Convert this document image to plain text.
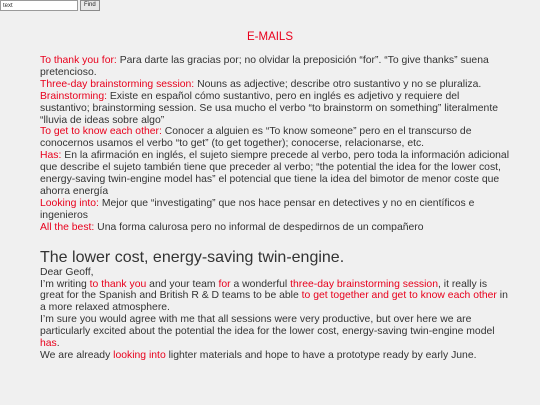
text
Find
E-MAILS

To thank you for: Para darte las gracias por; no olvidar la preposición “for”. “To give thanks” suena pretencioso.

Three-day brainstorming session: Nouns as adjective; describe otro sustantivo y no se pluraliza.

Brainstorming: Existe en español cómo sustantivo, pero en inglés es adjetivo y requiere del sustantivo; brainstorming session. Se usa mucho el verbo “to brainstorm on something” literalmente “lluvia de ideas sobre algo”

To get to know each other: Conocer a alguien es “To know someone” pero en el transcurso de conocernos usamos el verbo “to get” (to get together); conocerse, relacionarse, etc.

Has: En la afirmación en inglés, el sujeto siempre precede al verbo, pero toda la información adicional que describe el sujeto también tiene que preceder al verbo; “the potential the idea for the lower cost, energy-saving twin-engine model has” el potencial que tiene la idea del bimotor de menor coste que ahorra energía

Looking into: Mejor que “investigating” que nos hace pensar en detectives y no en científicos e ingenieros

All the best: Una forma calurosa pero no informal de despedirnos de un compañero

The lower cost, energy-saving twin-engine.

Dear Geoff,

I’m writing to thank you and your team for a wonderful three-day brainstorming session, it really is great for the Spanish and British R & D teams to be able to get together and get to know each other in a more relaxed atmosphere.

I’m sure you would agree with me that all sessions were very productive, but over here we are particularly excited about the potential the idea for the lower cost, energy-saving twin-engine model has.

We are already looking into lighter materials and hope to have a prototype ready by early June.
